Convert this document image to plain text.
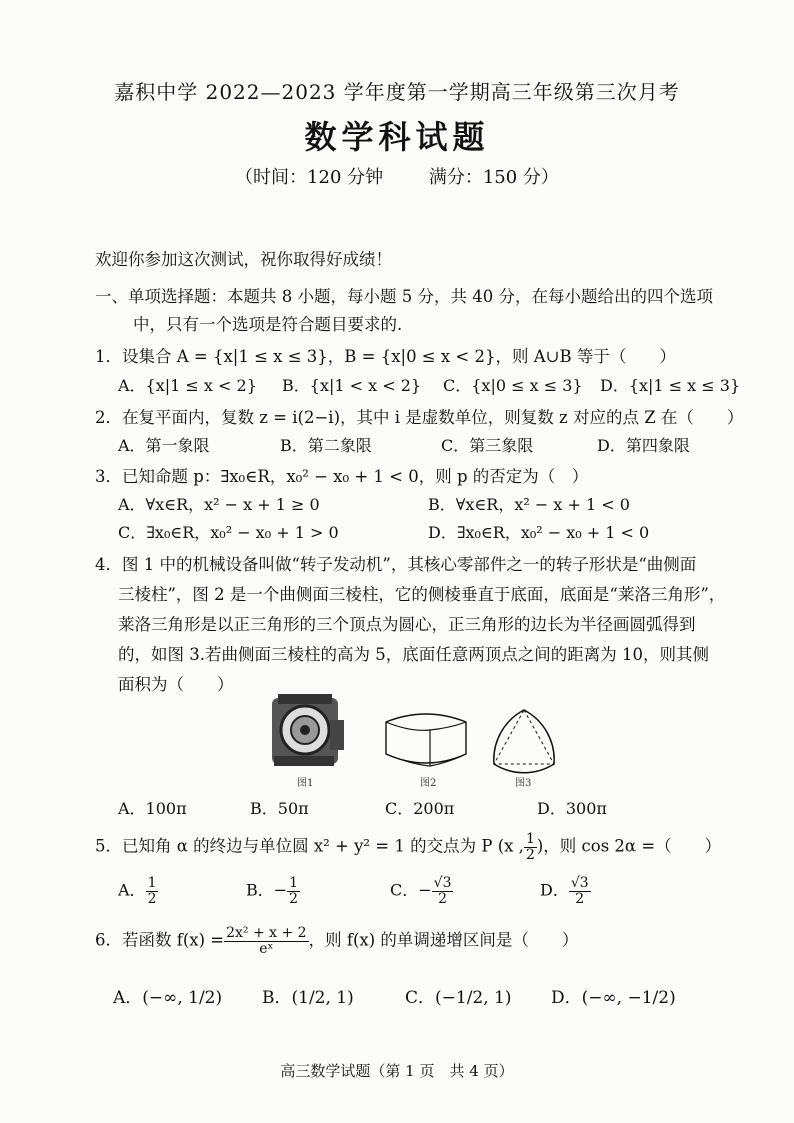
嘉积中学 2022—2023 学年度第一学期高三年级第三次月考
数学科试题
（时间：120 分钟	满分：150 分）
欢迎你参加这次测试，祝你取得好成绩！
一、单项选择题：本题共 8 小题，每小题 5 分，共 40 分，在每小题给出的四个选项
中，只有一个选项是符合题目要求的.
1．设集合 A = {x|1 ≤ x ≤ 3}，B = {x|0 ≤ x < 2}，则 A∪B 等于（　　）
A．{x|1 ≤ x < 2} B．{x|1 < x < 2} C．{x|0 ≤ x ≤ 3} D．{x|1 ≤ x ≤ 3}
2．在复平面内，复数 z = i(2−i)，其中 i 是虚数单位，则复数 z 对应的点 Z 在（　　）
A．第一象限	B．第二象限	C．第三象限	D．第四象限
3．已知命题 p：∃x₀∈R，x₀² − x₀ + 1 < 0，则 p 的否定为（　）
A．∀x∈R，x² − x + 1 ≥ 0	B．∀x∈R，x² − x + 1 < 0
C．∃x₀∈R，x₀² − x₀ + 1 > 0	D．∃x₀∈R，x₀² − x₀ + 1 < 0
4．图 1 中的机械设备叫做“转子发动机”，其核心零部件之一的转子形状是“曲侧面
三棱柱”，图 2 是一个曲侧面三棱柱，它的侧棱垂直于底面，底面是“莱洛三角形”，
莱洛三角形是以正三角形的三个顶点为圆心，正三角形的边长为半径画圆弧得到
的，如图 3.若曲侧面三棱柱的高为 5，底面任意两顶点之间的距离为 10，则其侧
面积为（　　）
图1	图2	图3
A．100π	B．50π	C．200π	D．300π
5．已知角 α 的终边与单位圆 x² + y² = 1 的交点为 P (x , $\frac{1}{2}$ )，则 cos 2α =（　　）
A． $\frac{1}{2}$	B．− $\frac{1}{2}$	C．− $\frac{√3}{2}$	D． $\frac{√3}{2}$
6．若函数 $f(x) = \frac{\text{2x² + x + 2}}{\text{eˣ}}$ ，则 f(x) 的单调递增区间是（　　）
A．(−∞, 1/2) B．(1/2, 1)	C．(−1/2, 1) D．(−∞, −1/2)
高三数学试题（第 1 页　共 4 页）
